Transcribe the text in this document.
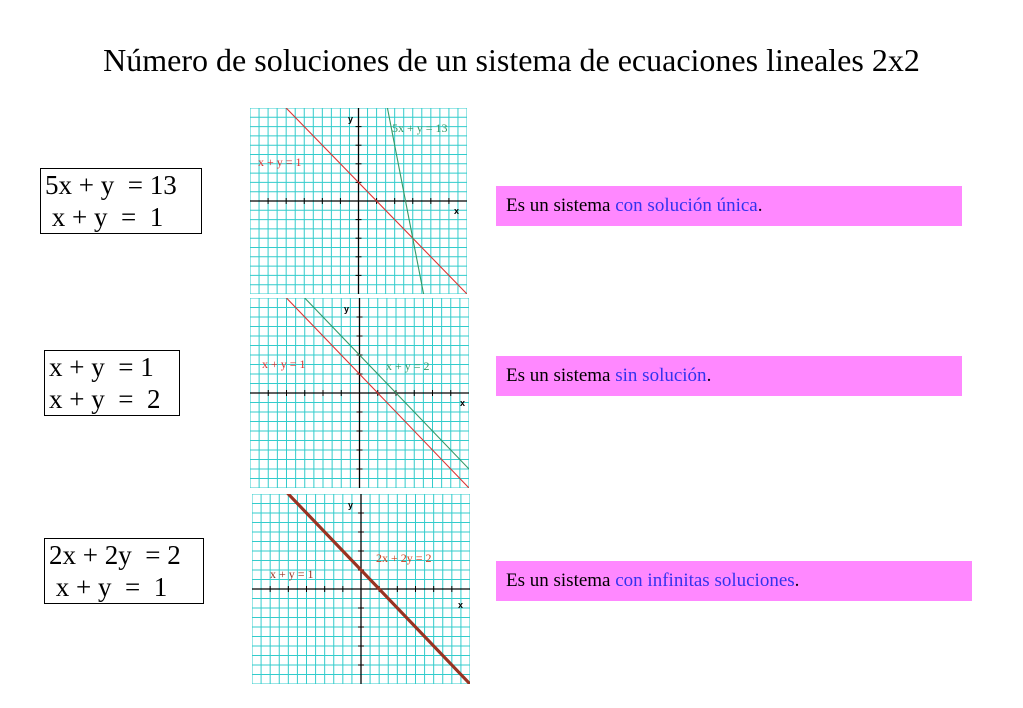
Número de soluciones de un sistema de ecuaciones lineales 2x2
5x + y  = 13
x + y  =  1
y
x
x + y = 1
5x + y = 13
Es un sistema con solución única.
x + y  = 1
x + y  =  2
y
x
x + y = 1	x + y = 2	Es un sistema sin solución.
2x + 2y  = 2
x + y  =  1
y
x
x + y = 1
2x + 2y = 2
Es un sistema con infinitas soluciones.
